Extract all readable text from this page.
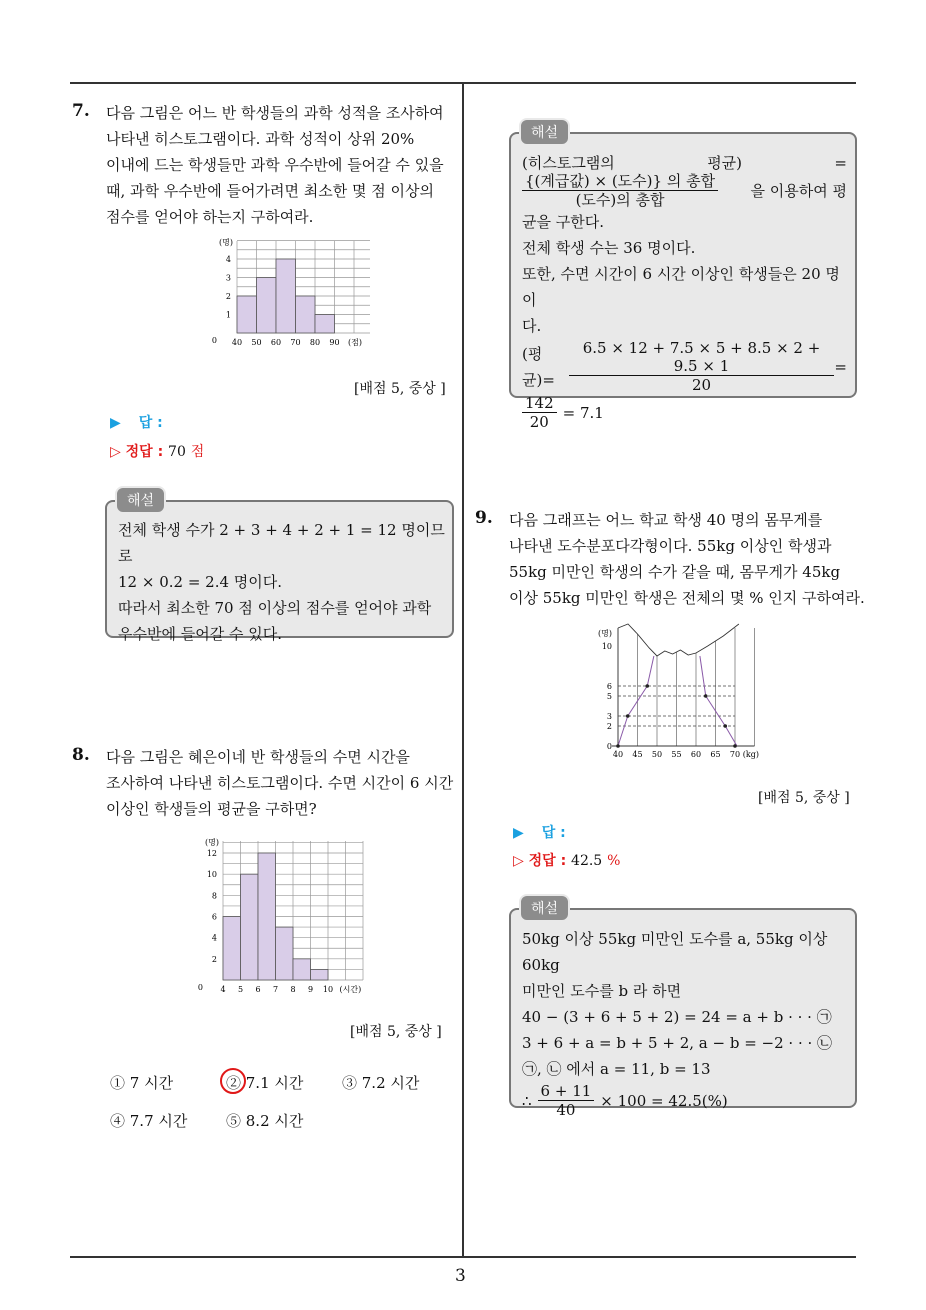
3
7. 다음 그림은 어느 반 학생들의 과학 성적을 조사하여
나타낸 히스토그램이다. 과학 성적이 상위 20%
이내에 드는 학생들만 과학 우수반에 들어갈 수 있을
때, 과학 우수반에 들어가려면 최소한 몇 점 이상의
점수를 얻어야 하는지 구하여라.
0
1
2
3
4
40 50 60 70 80 90 (점)
(명)
[배점 5, 중상 ]
▶ 답 :
▷ 정답 : 70 점
해설
전체 학생 수가 2 + 3 + 4 + 2 + 1 = 12 명이므로
12 × 0.2 = 2.4 명이다.
따라서 최소한 70 점 이상의 점수를 얻어야 과학
우수반에 들어갈 수 있다.
8. 다음 그림은 혜은이네 반 학생들의 수면 시간을
조사하여 나타낸 히스토그램이다. 수면 시간이 6 시간
이상인 학생들의 평균을 구하면?
0
2
4
6
8
10
12
4 5 6 7 8 9 10 (시간)
(명)
[배점 5, 중상 ]
① 7 시간	② 7.1 시간	③ 7.2 시간
④ 7.7 시간	⑤ 8.2 시간
해설
(히스토그램의	평균)	=
$\frac{\text{\{(계급값) × (도수)\} 의 총합}}{\text{(도수)의 총합}}$ 을 이용하여 평
균을 구한다.
전체 학생 수는 36 명이다.
또한, 수면 시간이 6 시간 이상인 학생들은 20 명이
다.
(평균)= $\frac{6.5 \times 12 + 7.5 \times 5 + 8.5 \times 2 + 9.5 \times 1}{20}$ =
$\frac{142}{20} = 7.1$
9. 다음 그래프는 어느 학교 학생 40 명의 몸무게를
나타낸 도수분포다각형이다. 55kg 이상인 학생과
55kg 미만인 학생의 수가 같을 때, 몸무게가 45kg
이상 55kg 미만인 학생은 전체의 몇 % 인지 구하여라.
0
2
3
5
6
10
40 45 50 55 60 65 70 (kg)
(명)
[배점 5, 중상 ]
▶ 답 :
▷ 정답 : 42.5 %
해설
50kg 이상 55kg 미만인 도수를 a, 55kg 이상 60kg
미만인 도수를 b 라 하면
40 − (3 + 6 + 5 + 2) = 24 = a + b · · · ㉠
3 + 6 + a = b + 5 + 2, a − b = −2 · · · ㉡
㉠, ㉡ 에서 a = 11, b = 13
∴ $\frac{6 + 11}{40} \times 100 = 42.5(\%)$
